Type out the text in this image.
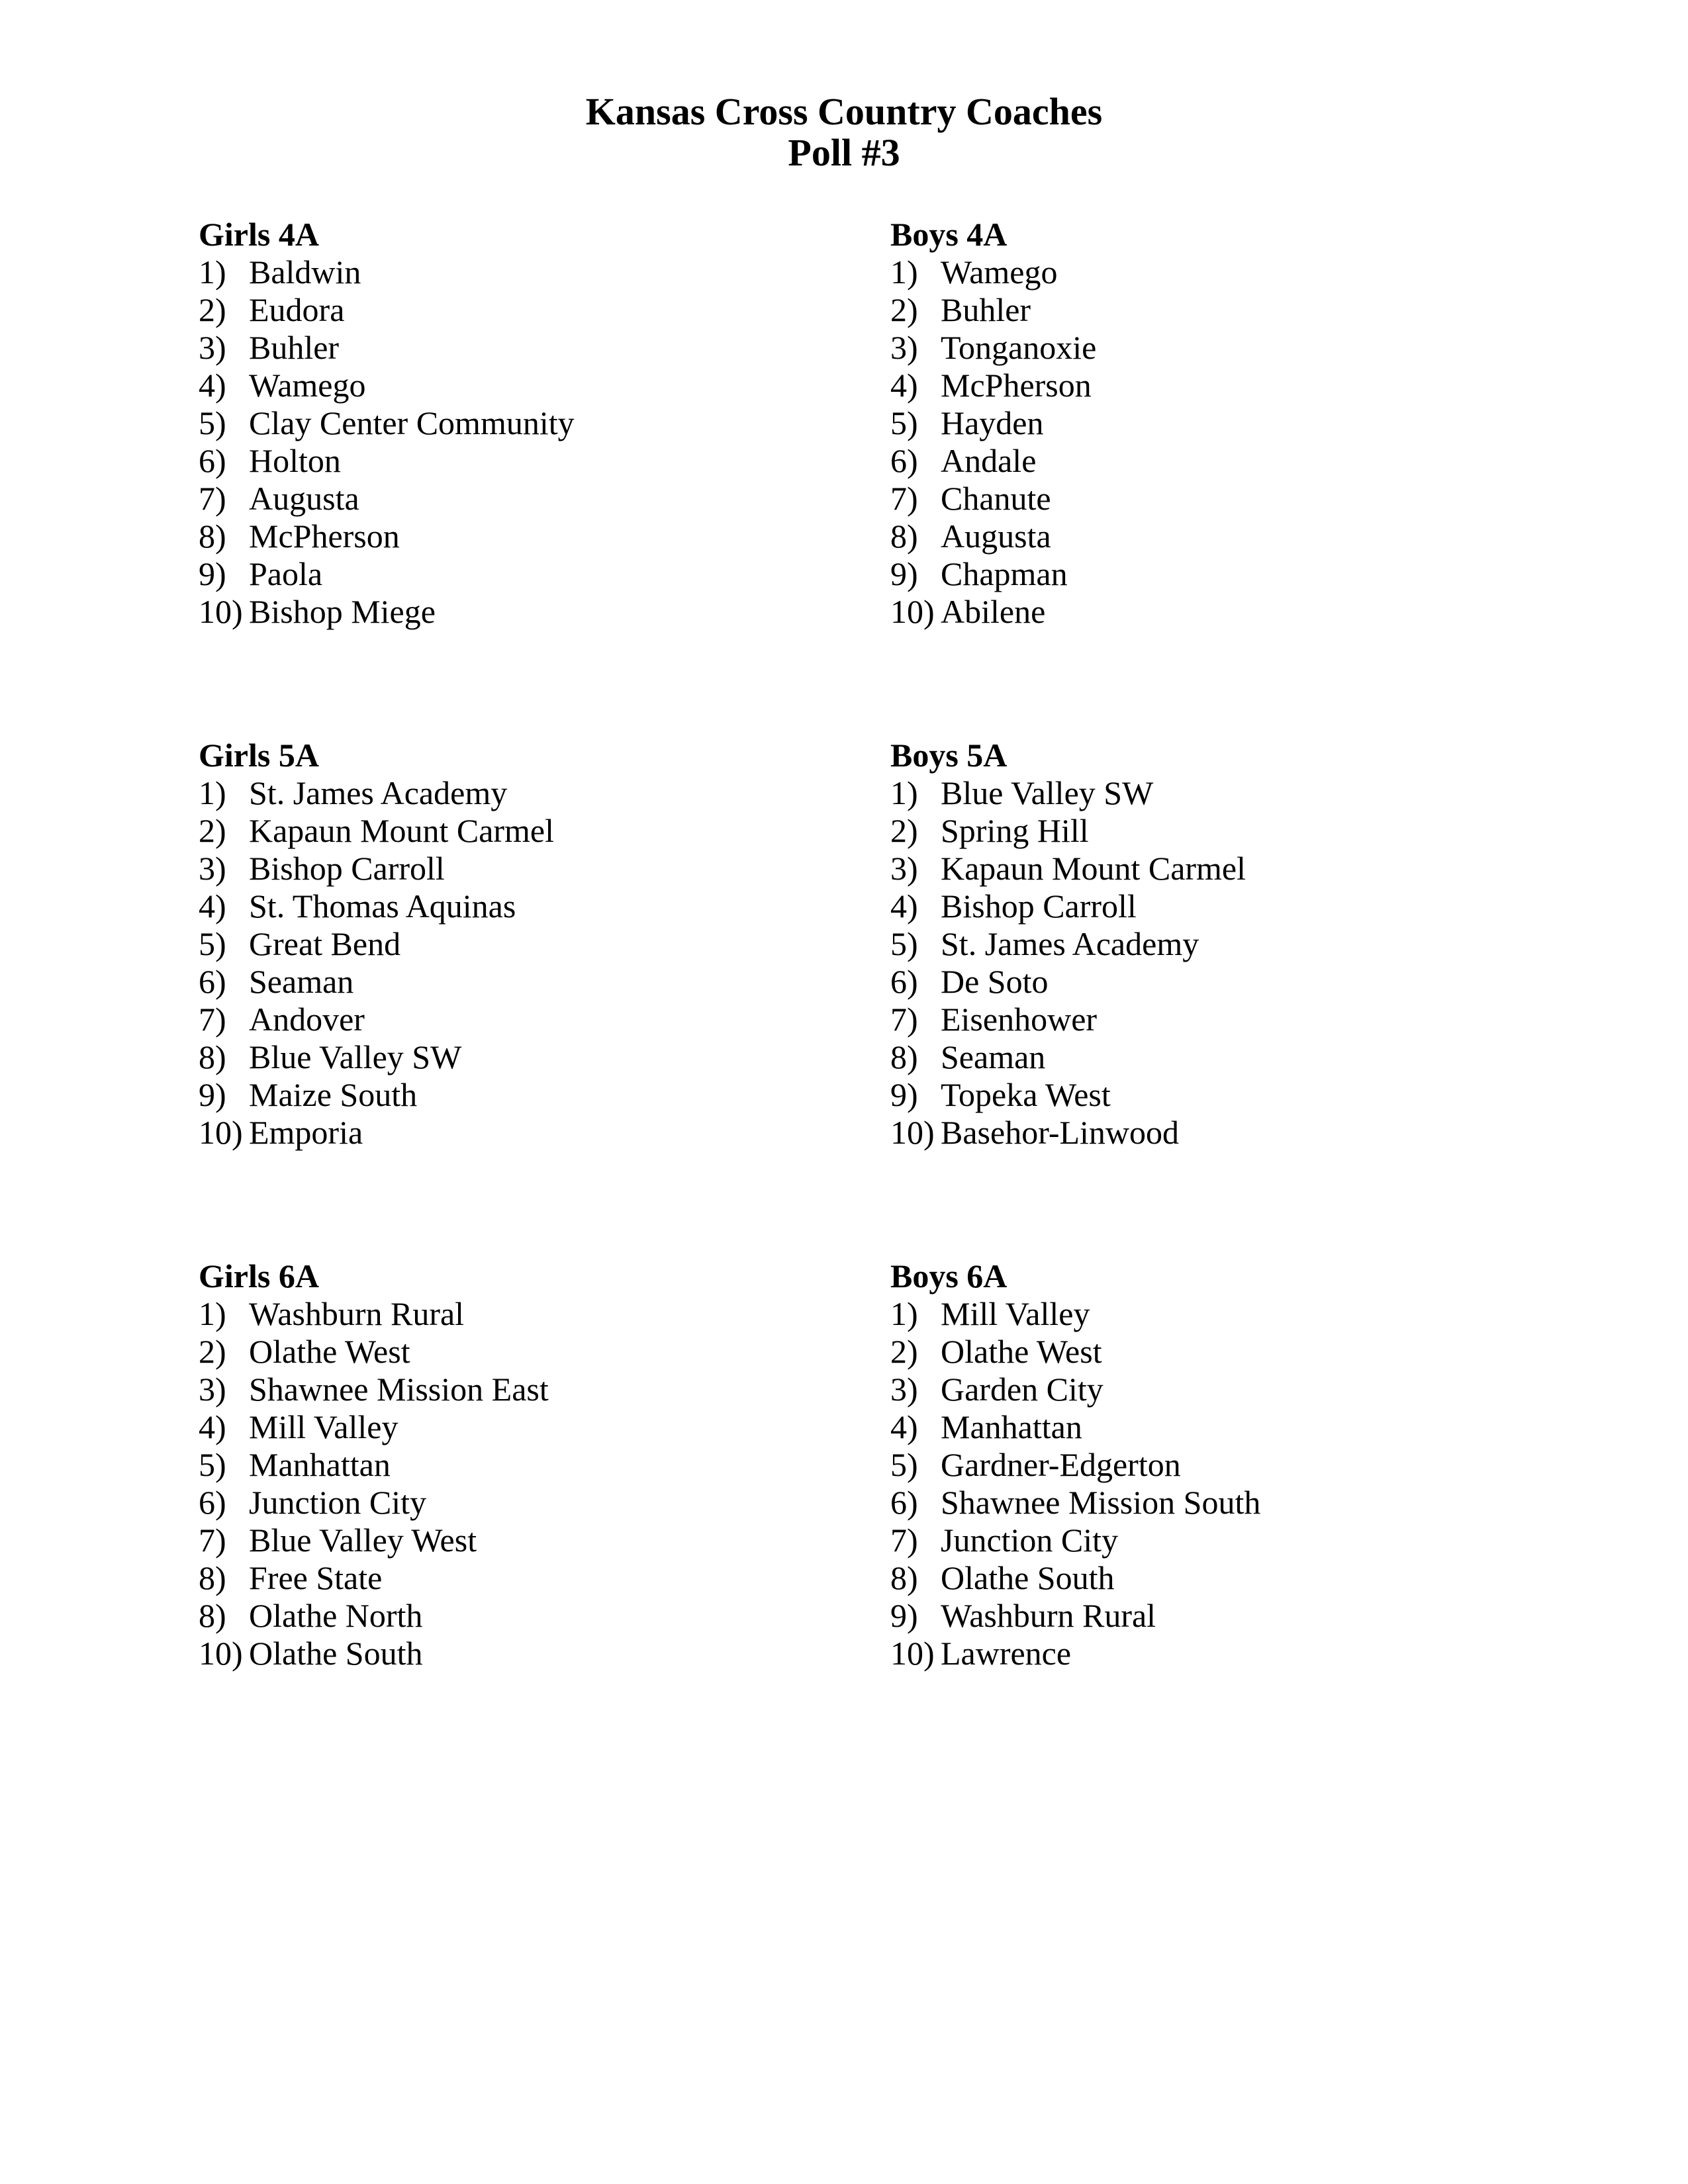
Kansas Cross Country Coaches
Poll #3
Girls 4A
1) Baldwin
2) Eudora
3) Buhler
4) Wamego
5) Clay Center Community
6) Holton
7) Augusta
8) McPherson
9) Paola
10) Bishop Miege
Boys 4A
1) Wamego
2) Buhler
3) Tonganoxie
4) McPherson
5) Hayden
6) Andale
7) Chanute
8) Augusta
9) Chapman
10) Abilene
Girls 5A
1) St. James Academy
2) Kapaun Mount Carmel
3) Bishop Carroll
4) St. Thomas Aquinas
5) Great Bend
6) Seaman
7) Andover
8) Blue Valley SW
9) Maize South
10) Emporia
Boys 5A
1) Blue Valley SW
2) Spring Hill
3) Kapaun Mount Carmel
4) Bishop Carroll
5) St. James Academy
6) De Soto
7) Eisenhower
8) Seaman
9) Topeka West
10) Basehor-Linwood
Girls 6A
1) Washburn Rural
2) Olathe West
3) Shawnee Mission East
4) Mill Valley
5) Manhattan
6) Junction City
7) Blue Valley West
8) Free State
8) Olathe North
10) Olathe South
Boys 6A
1) Mill Valley
2) Olathe West
3) Garden City
4) Manhattan
5) Gardner-Edgerton
6) Shawnee Mission South
7) Junction City
8) Olathe South
9) Washburn Rural
10) Lawrence
